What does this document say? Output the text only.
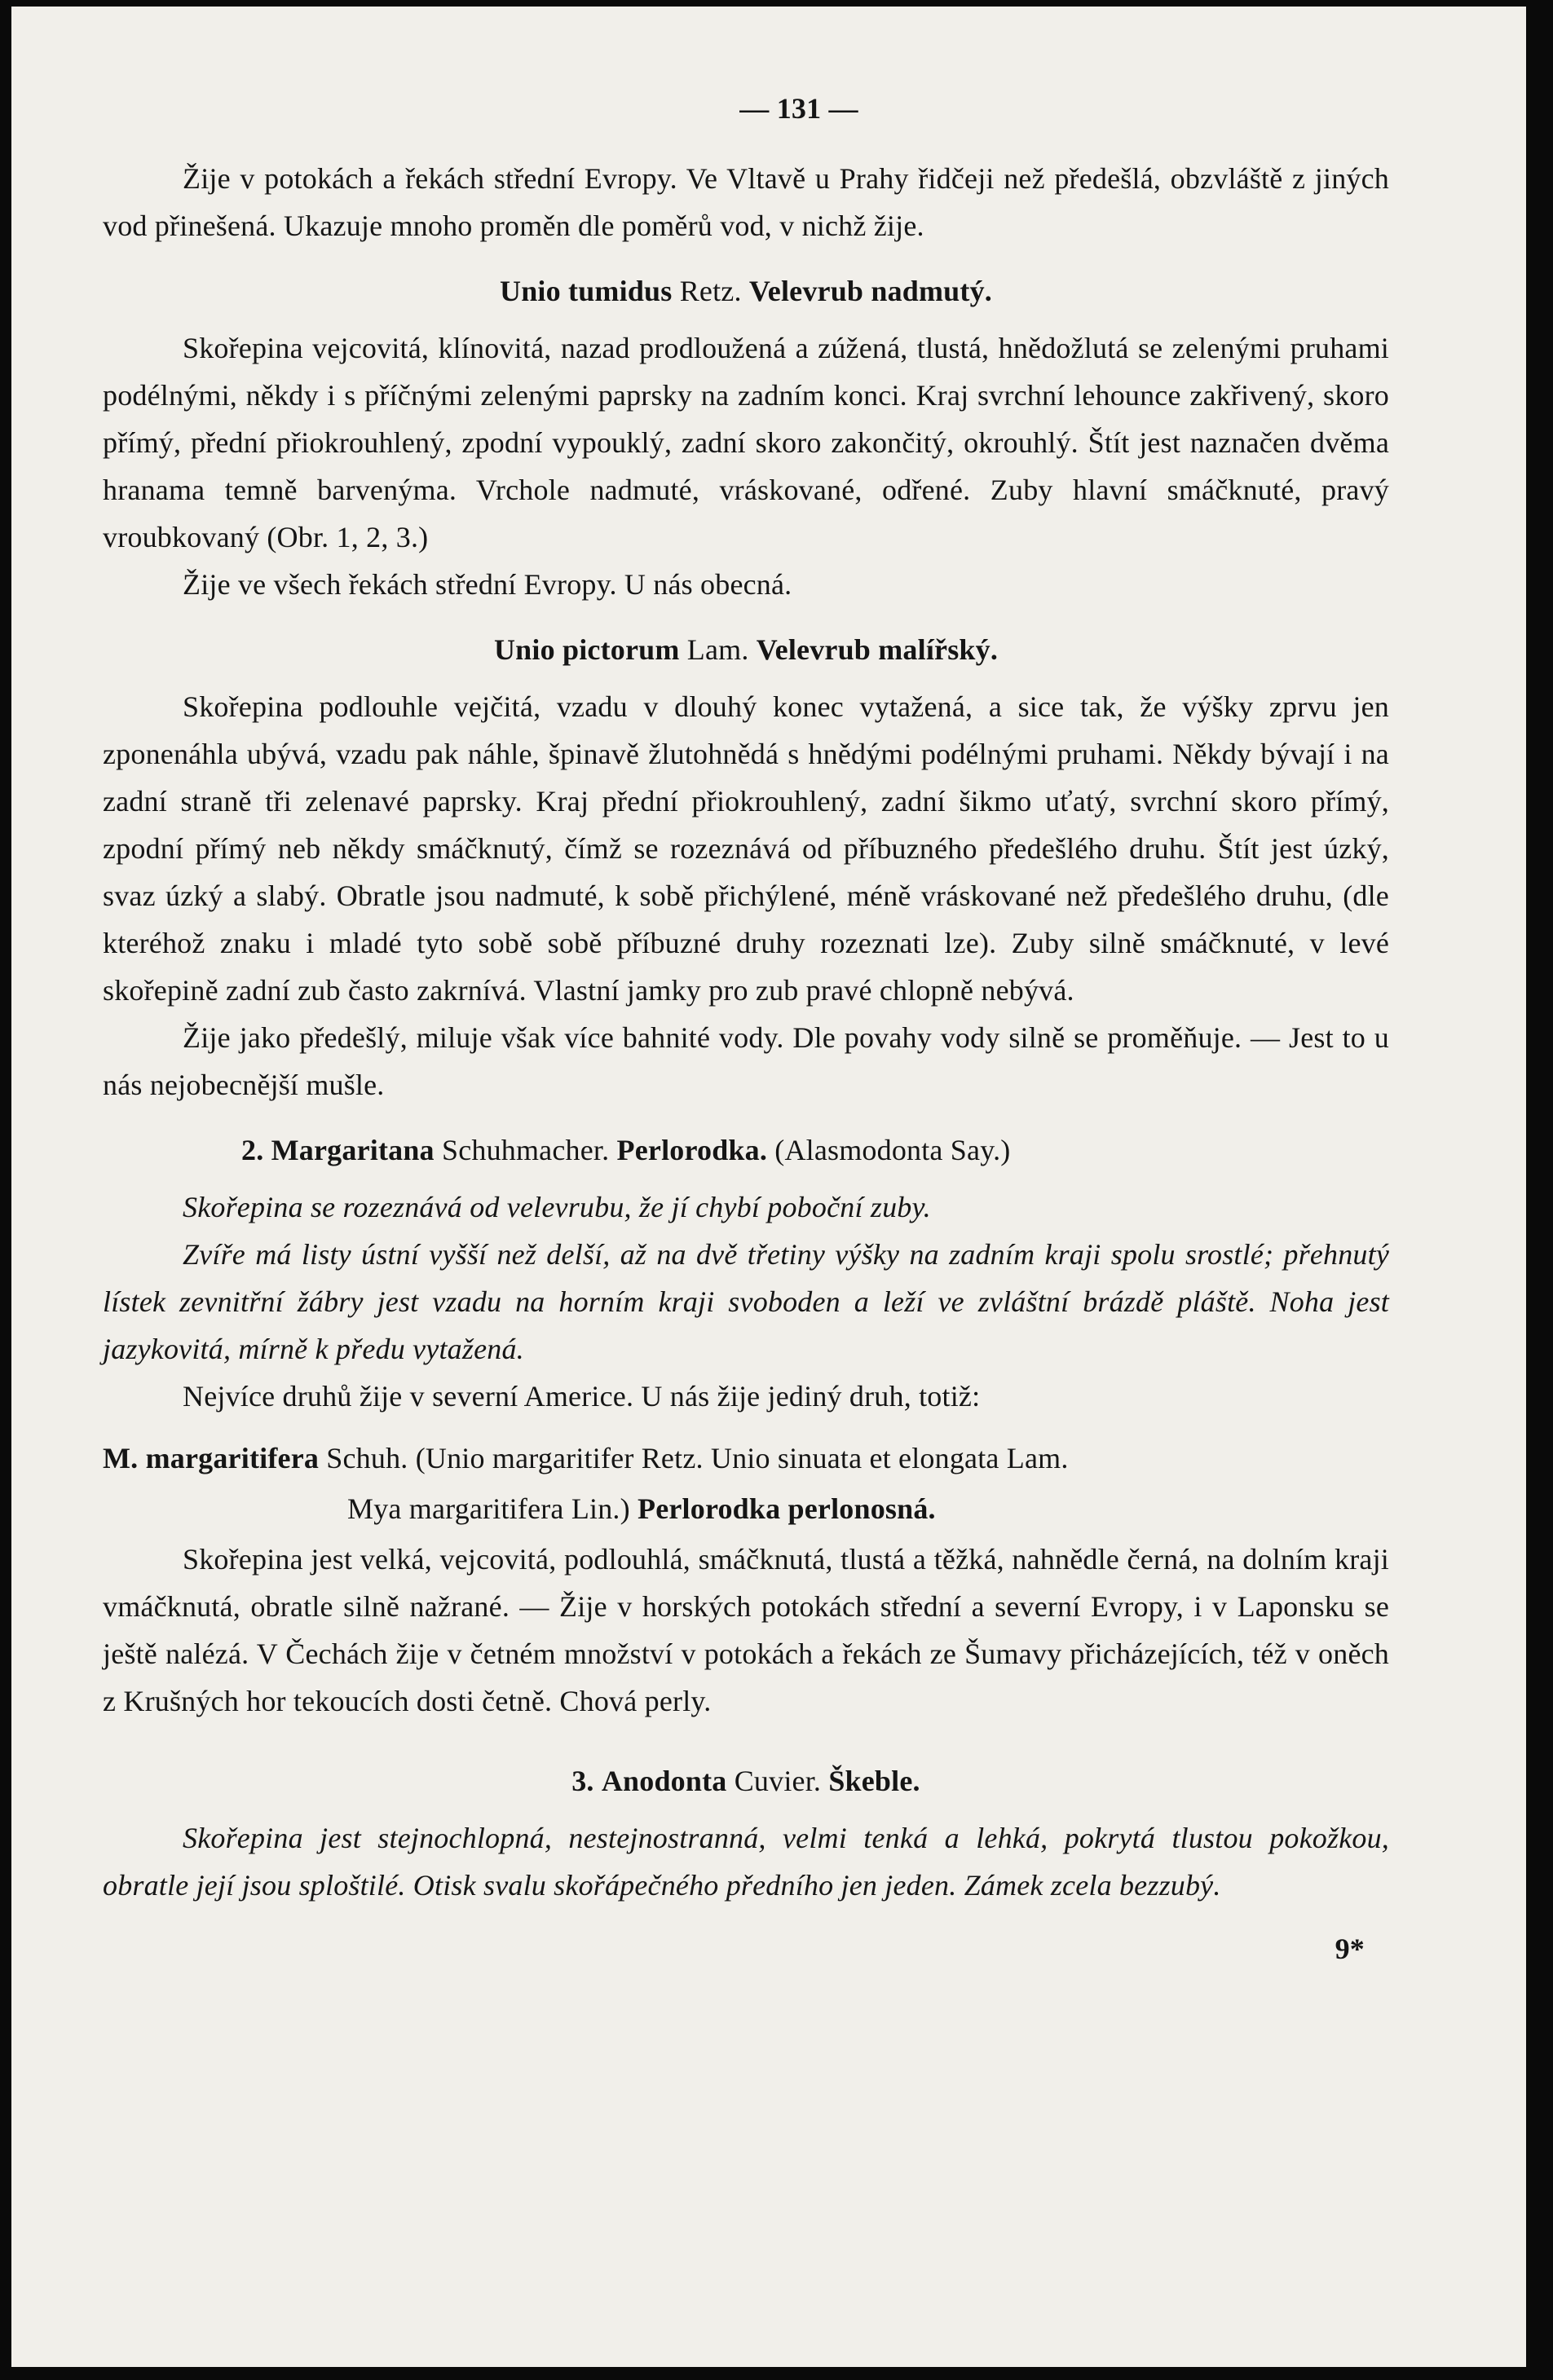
— 131 —

Žije v potokách a řekách střední Evropy. Ve Vltavě u Prahy řidčeji než předešlá, obzvláště z jiných vod přinešená. Ukazuje mnoho proměn dle poměrů vod, v nichž žije.

Unio tumidus Retz. Velevrub nadmutý.

Skořepina vejcovitá, klínovitá, nazad prodloužená a zúžená, tlustá, hnědožlutá se zelenými pruhami podélnými, někdy i s příčnými zelenými paprsky na zadním konci. Kraj svrchní lehounce zakřivený, skoro přímý, přední přiokrouhlený, zpodní vypouklý, zadní skoro zakončitý, okrouhlý. Štít jest naznačen dvěma hranama temně barvenýma. Vrchole nadmuté, vráskované, odřené. Zuby hlavní smáčknuté, pravý vroubkovaný (Obr. 1, 2, 3.)

Žije ve všech řekách střední Evropy. U nás obecná.

Unio pictorum Lam. Velevrub malířský.

Skořepina podlouhle vejčitá, vzadu v dlouhý konec vytažená, a sice tak, že výšky zprvu jen zponenáhla ubývá, vzadu pak náhle, špinavě žlutohnědá s hnědými podélnými pruhami. Někdy bývají i na zadní straně tři zelenavé paprsky. Kraj přední přiokrouhlený, zadní šikmo uťatý, svrchní skoro přímý, zpodní přímý neb někdy smáčknutý, čímž se rozeznává od příbuzného předešlého druhu. Štít jest úzký, svaz úzký a slabý. Obratle jsou nadmuté, k sobě přichýlené, méně vráskované než předešlého druhu, (dle kteréhož znaku i mladé tyto sobě sobě příbuzné druhy rozeznati lze). Zuby silně smáčknuté, v levé skořepině zadní zub často zakrnívá. Vlastní jamky pro zub pravé chlopně nebývá.

Žije jako předešlý, miluje však více bahnité vody. Dle povahy vody silně se proměňuje. — Jest to u nás nejobecnější mušle.

2. Margaritana Schuhmacher. Perlorodka. (Alasmodonta Say.)

Skořepina se rozeznává od velevrubu, že jí chybí poboční zuby.

Zvíře má listy ústní vyšší než delší, až na dvě třetiny výšky na zadním kraji spolu srostlé; přehnutý lístek zevnitřní žábry jest vzadu na horním kraji svoboden a leží ve zvláštní brázdě pláště. Noha jest jazykovitá, mírně k předu vytažená.

Nejvíce druhů žije v severní Americe. U nás žije jediný druh, totiž:

M. margaritifera Schuh. (Unio margaritifer Retz. Unio sinuata et elongata Lam.
Mya margaritifera Lin.) Perlorodka perlonosná.

Skořepina jest velká, vejcovitá, podlouhlá, smáčknutá, tlustá a těžká, nahnědle černá, na dolním kraji vmáčknutá, obratle silně nažrané. — Žije v horských potokách střední a severní Evropy, i v Laponsku se ještě nalézá. V Čechách žije v četném množství v potokách a řekách ze Šumavy přicházejících, též v oněch z Krušných hor tekoucích dosti četně. Chová perly.

3. Anodonta Cuvier. Škeble.

Skořepina jest stejnochlopná, nestejnostranná, velmi tenká a lehká, pokrytá tlustou pokožkou, obratle její jsou sploštilé. Otisk svalu skořápečného předního jen jeden. Zámek zcela bezzubý.

9*
